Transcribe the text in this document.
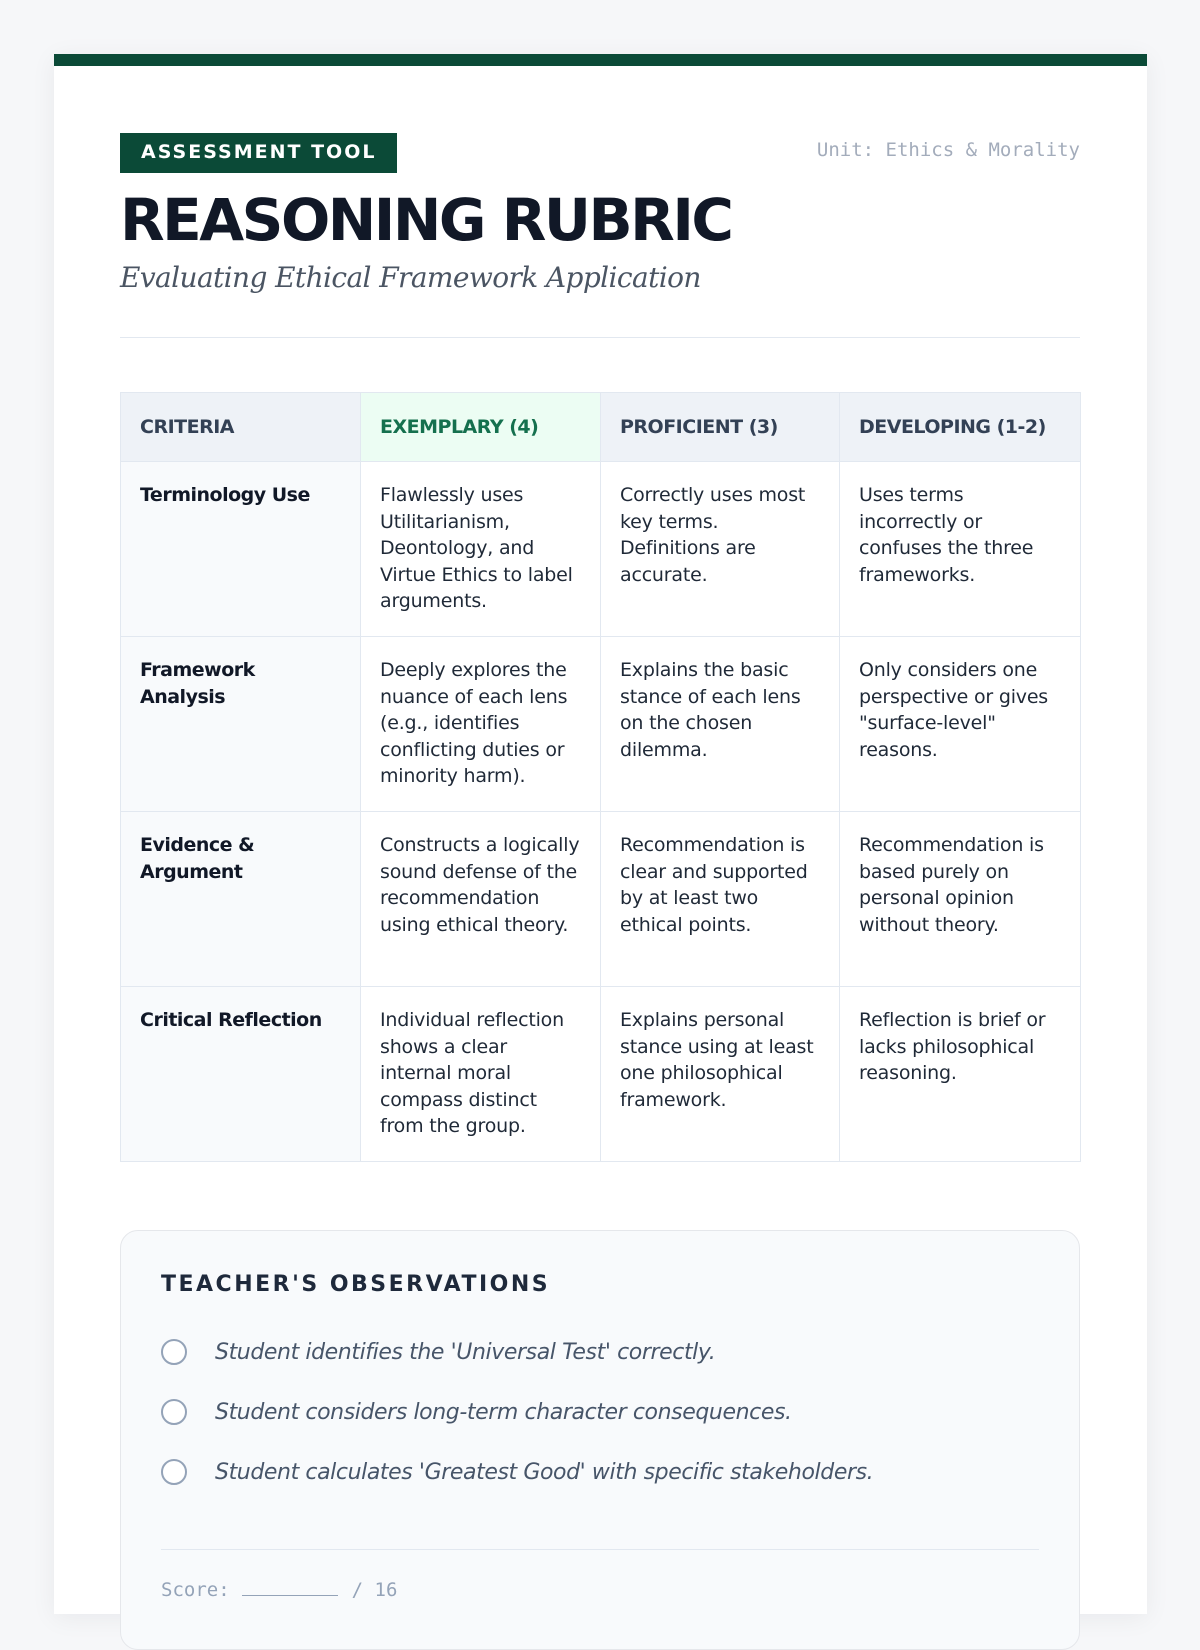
ASSESSMENT TOOL	Unit: Ethics & Morality
REASONING RUBRIC
Evaluating Ethical Framework Application
CRITERIA	EXEMPLARY (4)	PROFICIENT (3)	DEVELOPING (1-2)
Terminology Use	Flawlessly uses Utilitarianism, Deontology, and Virtue Ethics to label arguments.	Correctly uses most key terms. Definitions are accurate.	Uses terms incorrectly or confuses the three frameworks.
Framework Analysis	Deeply explores the nuance of each lens (e.g., identifies conflicting duties or minority harm).	Explains the basic stance of each lens on the chosen dilemma.	Only considers one perspective or gives "surface-level" reasons.
Evidence & Argument	Constructs a logically sound defense of the recommendation using ethical theory.	Recommendation is clear and supported by at least two ethical points.	Recommendation is based purely on personal opinion without theory.
Critical Reflection	Individual reflection shows a clear internal moral compass distinct from the group.	Explains personal stance using at least one philosophical framework.	Reflection is brief or lacks philosophical reasoning.
TEACHER'S OBSERVATIONS
Student identifies the 'Universal Test' correctly.
Student considers long-term character consequences.
Student calculates 'Greatest Good' with specific stakeholders.
Score:	/ 16
